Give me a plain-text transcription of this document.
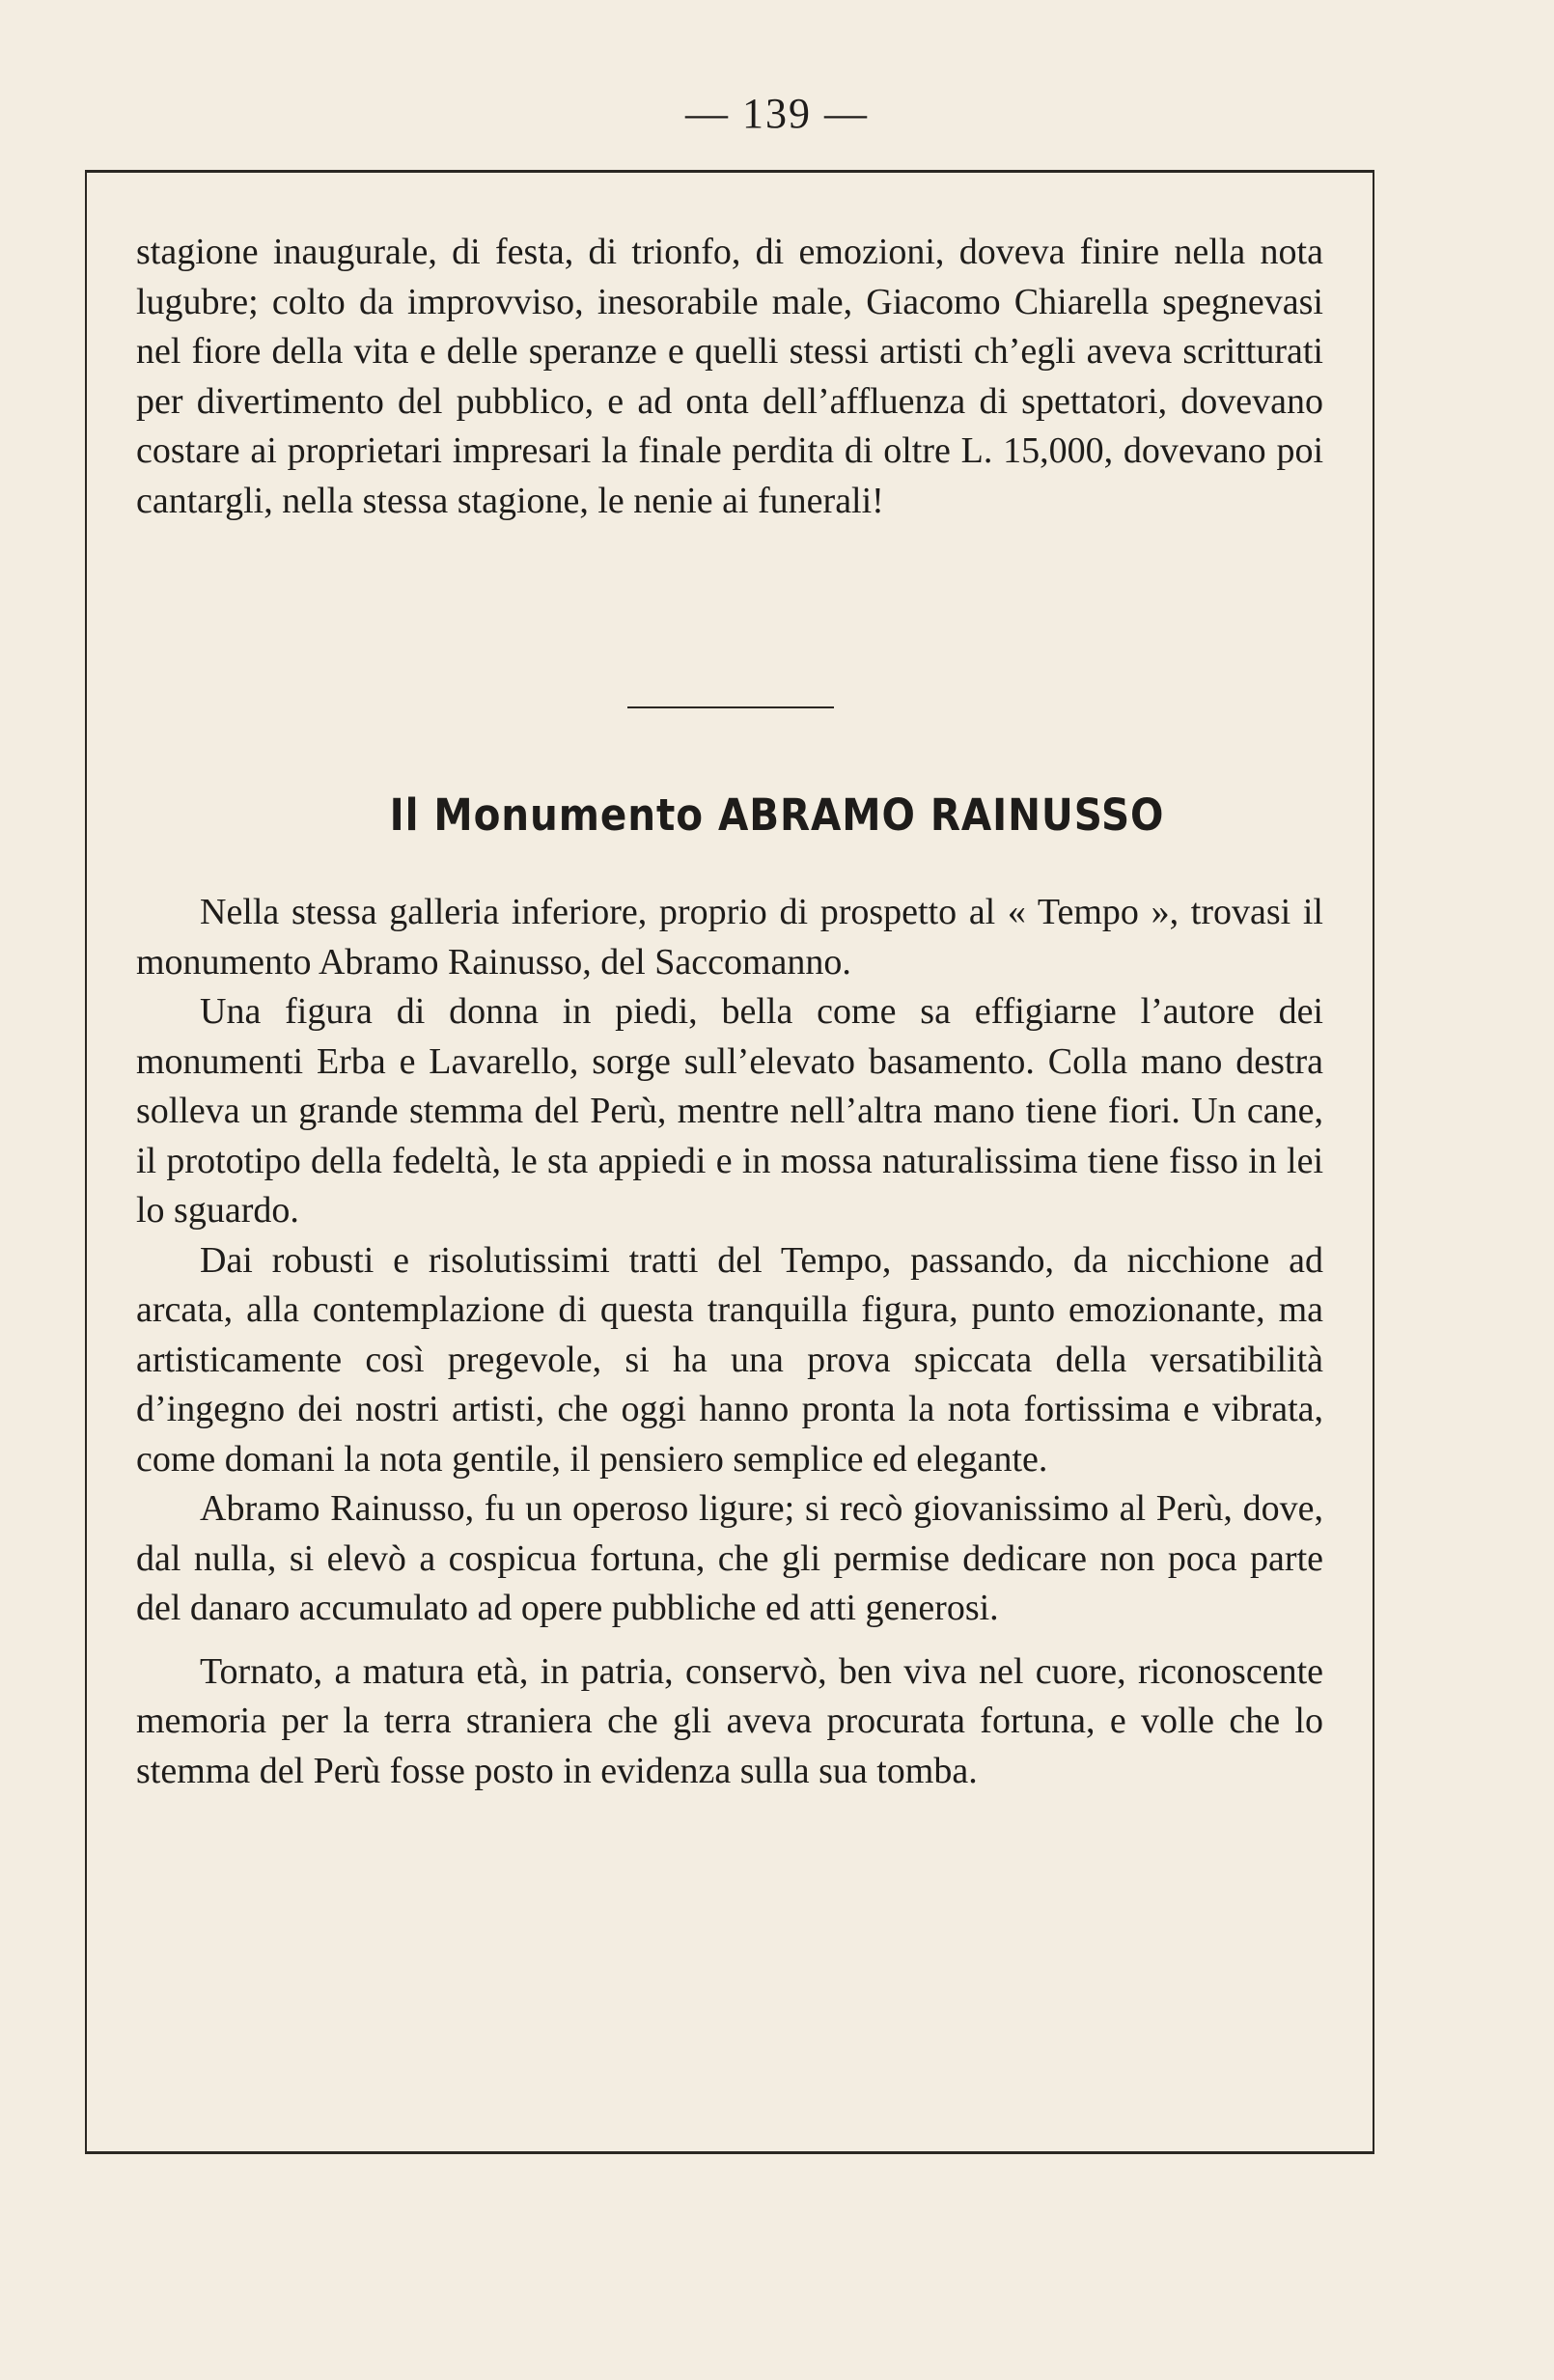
— 139 —

stagione inaugurale, di festa, di trionfo, di emozioni, doveva finire nella nota lugubre; colto da improvviso, inesorabile male, Giacomo Chiarella spegnevasi nel fiore della vita e delle speranze e quelli stessi artisti ch’egli aveva scritturati per divertimento del pubblico, e ad onta dell’affluenza di spettatori, dovevano costare ai proprietari impresari la finale perdita di oltre L. 15,000, dovevano poi cantargli, nella stessa stagione, le nenie ai funerali!

Il Monumento ABRAMO RAINUSSO

Nella stessa galleria inferiore, proprio di prospetto al « Tempo », trovasi il monumento Abramo Rainusso, del Saccomanno.

Una figura di donna in piedi, bella come sa effigiarne l’autore dei monumenti Erba e Lavarello, sorge sull’elevato basamento. Colla mano destra solleva un grande stemma del Perù, mentre nell’altra mano tiene fiori. Un cane, il prototipo della fedeltà, le sta appiedi e in mossa naturalissima tiene fisso in lei lo sguardo.

Dai robusti e risolutissimi tratti del Tempo, passando, da nicchione ad arcata, alla contemplazione di questa tranquilla figura, punto emozionante, ma artisticamente così pregevole, si ha una prova spiccata della versatibilità d’ingegno dei nostri artisti, che oggi hanno pronta la nota fortissima e vibrata, come domani la nota gentile, il pensiero semplice ed elegante.

Abramo Rainusso, fu un operoso ligure; si recò giovanissimo al Perù, dove, dal nulla, si elevò a cospicua fortuna, che gli permise dedicare non poca parte del danaro accumulato ad opere pubbliche ed atti generosi.

Tornato, a matura età, in patria, conservò, ben viva nel cuore, riconoscente memoria per la terra straniera che gli aveva procurata fortuna, e volle che lo stemma del Perù fosse posto in evidenza sulla sua tomba.
